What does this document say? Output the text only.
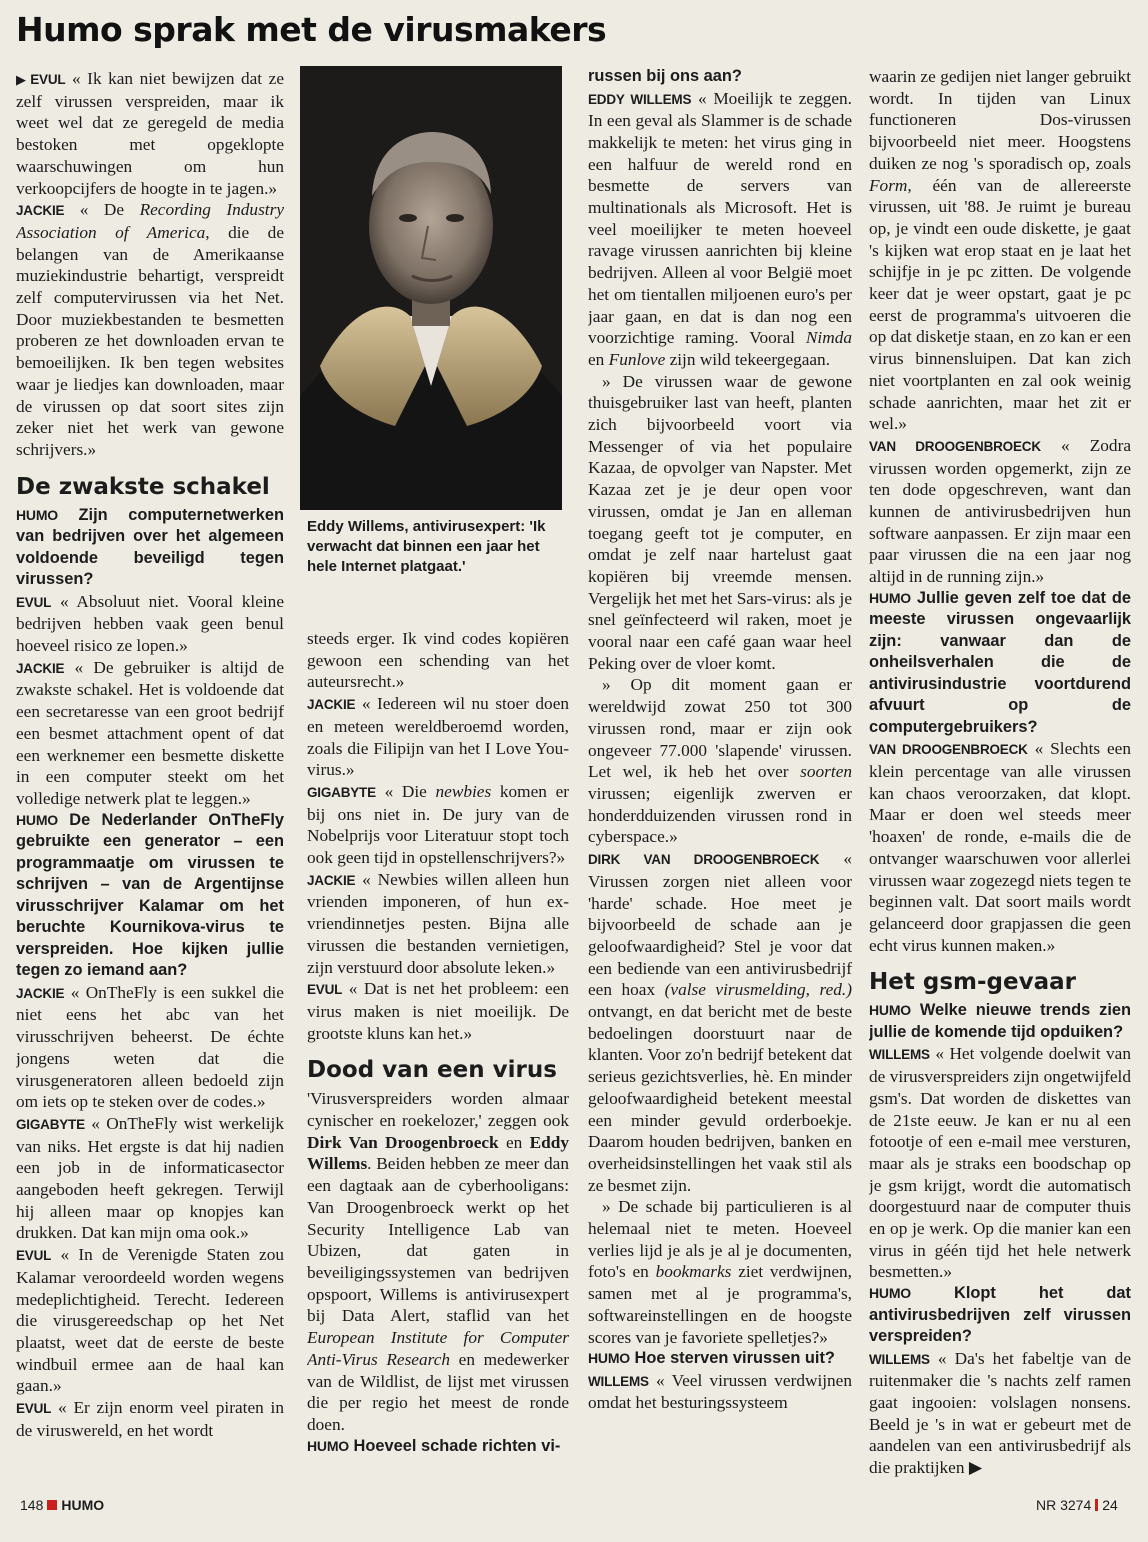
Humo sprak met de virusmakers

▶ EVUL « Ik kan niet bewijzen dat ze zelf virussen verspreiden, maar ik weet wel dat ze geregeld de media bestoken met opgeklopte waarschuwingen om hun verkoopcijfers de hoogte in te jagen.»

JACKIE « De Recording Industry Association of America, die de belangen van de Amerikaanse muziekindustrie behartigt, verspreidt zelf computervirussen via het Net. Door muziekbestanden te besmetten proberen ze het downloaden ervan te bemoeilijken. Ik ben tegen websites waar je liedjes kan downloaden, maar de virussen op dat soort sites zijn zeker niet het werk van gewone schrijvers.»

De zwakste schakel

HUMO Zijn computernetwerken van bedrijven over het algemeen voldoende beveiligd tegen virussen?

EVUL « Absoluut niet. Vooral kleine bedrijven hebben vaak geen benul hoeveel risico ze lopen.»

JACKIE « De gebruiker is altijd de zwakste schakel. Het is voldoende dat een secretaresse van een groot bedrijf een besmet attachment opent of dat een werknemer een besmette diskette in een computer steekt om het volledige netwerk plat te leggen.»

HUMO De Nederlander OnTheFly gebruikte een generator – een programmaatje om virussen te schrijven – van de Argentijnse virusschrijver Kalamar om het beruchte Kournikova-virus te verspreiden. Hoe kijken jullie tegen zo iemand aan?

JACKIE « OnTheFly is een sukkel die niet eens het abc van het virusschrijven beheerst. De échte jongens weten dat die virusgeneratoren alleen bedoeld zijn om iets op te steken over de codes.»

GIGABYTE « OnTheFly wist werkelijk van niks. Het ergste is dat hij nadien een job in de informaticasector aangeboden heeft gekregen. Terwijl hij alleen maar op knopjes kan drukken. Dat kan mijn oma ook.»

EVUL « In de Verenigde Staten zou Kalamar veroordeeld worden wegens medeplichtigheid. Terecht. Iedereen die virusgereedschap op het Net plaatst, weet dat de eerste de beste windbuil ermee aan de haal kan gaan.»

EVUL « Er zijn enorm veel piraten in de viruswereld, en het wordt

Eddy Willems, antivirusexpert: 'Ik verwacht dat binnen een jaar het hele Internet platgaat.'

steeds erger. Ik vind codes kopiëren gewoon een schending van het auteursrecht.»

JACKIE « Iedereen wil nu stoer doen en meteen wereldberoemd worden, zoals die Filipijn van het I Love You-virus.»

GIGABYTE « Die newbies komen er bij ons niet in. De jury van de Nobelprijs voor Literatuur stopt toch ook geen tijd in opstellenschrijvers?»

JACKIE « Newbies willen alleen hun vrienden imponeren, of hun ex-vriendinnetjes pesten. Bijna alle virussen die bestanden vernietigen, zijn verstuurd door absolute leken.»

EVUL « Dat is net het probleem: een virus maken is niet moeilijk. De grootste kluns kan het.»

Dood van een virus

'Virusverspreiders worden almaar cynischer en roekelozer,' zeggen ook Dirk Van Droogenbroeck en Eddy Willems. Beiden hebben ze meer dan een dagtaak aan de cyberhooligans: Van Droogenbroeck werkt op het Security Intelligence Lab van Ubizen, dat gaten in beveiligingssystemen van bedrijven opspoort, Willems is antivirusexpert bij Data Alert, staflid van het European Institute for Computer Anti-Virus Research en medewerker van de Wildlist, de lijst met virussen die per regio het meest de ronde doen.

HUMO Hoeveel schade richten vi-

russen bij ons aan?

EDDY WILLEMS « Moeilijk te zeggen. In een geval als Slammer is de schade makkelijk te meten: het virus ging in een halfuur de wereld rond en besmette de servers van multinationals als Microsoft. Het is veel moeilijker te meten hoeveel ravage virussen aanrichten bij kleine bedrijven. Alleen al voor België moet het om tientallen miljoenen euro's per jaar gaan, en dat is dan nog een voorzichtige raming. Vooral Nimda en Funlove zijn wild tekeergegaan.

» De virussen waar de gewone thuisgebruiker last van heeft, planten zich bijvoorbeeld voort via Messenger of via het populaire Kazaa, de opvolger van Napster. Met Kazaa zet je je deur open voor virussen, omdat je Jan en alleman toegang geeft tot je computer, en omdat je zelf naar hartelust gaat kopiëren bij vreemde mensen. Vergelijk het met het Sars-virus: als je snel geïnfecteerd wil raken, moet je vooral naar een café gaan waar heel Peking over de vloer komt.

» Op dit moment gaan er wereldwijd zowat 250 tot 300 virussen rond, maar er zijn ook ongeveer 77.000 'slapende' virussen. Let wel, ik heb het over soorten virussen; eigenlijk zwerven er honderdduizenden virussen rond in cyberspace.»

DIRK VAN DROOGENBROECK « Virussen zorgen niet alleen voor 'harde' schade. Hoe meet je bijvoorbeeld de schade aan je geloofwaardigheid? Stel je voor dat een bediende van een antivirusbedrijf een hoax (valse virusmelding, red.) ontvangt, en dat bericht met de beste bedoelingen doorstuurt naar de klanten. Voor zo'n bedrijf betekent dat serieus gezichtsverlies, hè. En minder geloofwaardigheid betekent meestal een minder gevuld orderboekje. Daarom houden bedrijven, banken en overheidsinstellingen het vaak stil als ze besmet zijn.

» De schade bij particulieren is al helemaal niet te meten. Hoeveel verlies lijd je als je al je documenten, foto's en bookmarks ziet verdwijnen, samen met al je programma's, softwareinstellingen en de hoogste scores van je favoriete spelletjes?»

HUMO Hoe sterven virussen uit?

WILLEMS « Veel virussen verdwijnen omdat het besturingssysteem

waarin ze gedijen niet langer gebruikt wordt. In tijden van Linux functioneren Dos-virussen bijvoorbeeld niet meer. Hoogstens duiken ze nog 's sporadisch op, zoals Form, één van de allereerste virussen, uit '88. Je ruimt je bureau op, je vindt een oude diskette, je gaat 's kijken wat erop staat en je laat het schijfje in je pc zitten. De volgende keer dat je weer opstart, gaat je pc eerst de programma's uitvoeren die op dat disketje staan, en zo kan er een virus binnensluipen. Dat kan zich niet voortplanten en zal ook weinig schade aanrichten, maar het zit er wel.»

VAN DROOGENBROECK « Zodra virussen worden opgemerkt, zijn ze ten dode opgeschreven, want dan kunnen de antivirusbedrijven hun software aanpassen. Er zijn maar een paar virussen die na een jaar nog altijd in de running zijn.»

HUMO Jullie geven zelf toe dat de meeste virussen ongevaarlijk zijn: vanwaar dan de onheilsverhalen die de antivirusindustrie voortdurend afvuurt op de computergebruikers?

VAN DROOGENBROECK « Slechts een klein percentage van alle virussen kan chaos veroorzaken, dat klopt. Maar er doen wel steeds meer 'hoaxen' de ronde, e-mails die de ontvanger waarschuwen voor allerlei virussen waar zogezegd niets tegen te beginnen valt. Dat soort mails wordt gelanceerd door grapjassen die geen echt virus kunnen maken.»

Het gsm-gevaar

HUMO Welke nieuwe trends zien jullie de komende tijd opduiken?

WILLEMS « Het volgende doelwit van de virusverspreiders zijn ongetwijfeld gsm's. Dat worden de diskettes van de 21ste eeuw. Je kan er nu al een fotootje of een e-mail mee versturen, maar als je straks een boodschap op je gsm krijgt, wordt die automatisch doorgestuurd naar de computer thuis en op je werk. Op die manier kan een virus in géén tijd het hele netwerk besmetten.»

HUMO	Klopt het dat antivirusbedrijven zelf virussen verspreiden?

WILLEMS « Da's het fabeltje van de ruitenmaker die 's nachts zelf ramen gaat ingooien: volslagen nonsens. Beeld je 's in wat er gebeurt met de aandelen van een antivirusbedrijf als die praktijken ▶

148 HUMO	NR 3274 24
